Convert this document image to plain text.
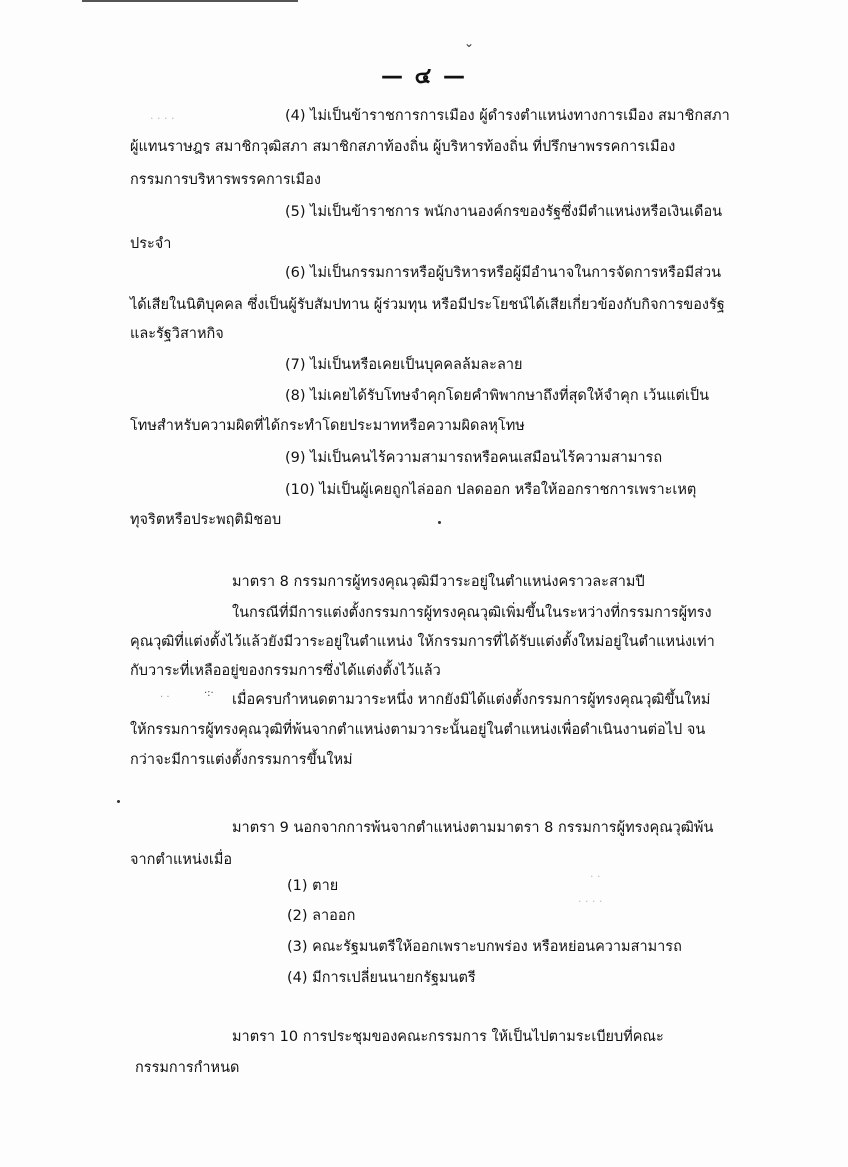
⌄
— ๔ —
· · · ·	(4) ไม่เป็นข้าราชการการเมือง ผู้ดำรงตำแหน่งทางการเมือง สมาชิกสภา
ผู้แทนราษฎร สมาชิกวุฒิสภา สมาชิกสภาท้องถิ่น ผู้บริหารท้องถิ่น ที่ปรึกษาพรรคการเมือง
กรรมการบริหารพรรคการเมือง
(5) ไม่เป็นข้าราชการ พนักงานองค์กรของรัฐซึ่งมีตำแหน่งหรือเงินเดือน
ประจำ
(6) ไม่เป็นกรรมการหรือผู้บริหารหรือผู้มีอำนาจในการจัดการหรือมีส่วน
ได้เสียในนิติบุคคล ซึ่งเป็นผู้รับสัมปทาน ผู้ร่วมทุน หรือมีประโยชน์ได้เสียเกี่ยวข้องกับกิจการของรัฐ
และรัฐวิสาหกิจ
(7) ไม่เป็นหรือเคยเป็นบุคคลล้มละลาย
(8) ไม่เคยได้รับโทษจำคุกโดยคำพิพากษาถึงที่สุดให้จำคุก เว้นแต่เป็น
โทษสำหรับความผิดที่ได้กระทำโดยประมาทหรือความผิดลหุโทษ
(9) ไม่เป็นคนไร้ความสามารถหรือคนเสมือนไร้ความสามารถ
(10) ไม่เป็นผู้เคยถูกไล่ออก ปลดออก หรือให้ออกราชการเพราะเหตุ
ทุจริตหรือประพฤติมิชอบ
มาตรา 8 กรรมการผู้ทรงคุณวุฒิมีวาระอยู่ในตำแหน่งคราวละสามปี
ในกรณีที่มีการแต่งตั้งกรรมการผู้ทรงคุณวุฒิเพิ่มขึ้นในระหว่างที่กรรมการผู้ทรง
คุณวุฒิที่แต่งตั้งไว้แล้วยังมีวาระอยู่ในตำแหน่ง ให้กรรมการที่ได้รับแต่งตั้งใหม่อยู่ในตำแหน่งเท่า
กับวาระที่เหลืออยู่ของกรรมการซึ่งได้แต่งตั้งไว้แล้ว
· ·	·:· เมื่อครบกำหนดตามวาระหนึ่ง หากยังมิได้แต่งตั้งกรรมการผู้ทรงคุณวุฒิขึ้นใหม่
ให้กรรมการผู้ทรงคุณวุฒิที่พ้นจากตำแหน่งตามวาระนั้นอยู่ในตำแหน่งเพื่อดำเนินงานต่อไป จน
กว่าจะมีการแต่งตั้งกรรมการขึ้นใหม่
มาตรา 9 นอกจากการพ้นจากตำแหน่งตามมาตรา 8 กรรมการผู้ทรงคุณวุฒิพ้น
จากตำแหน่งเมื่อ
(1) ตาย
(2) ลาออก
(3) คณะรัฐมนตรีให้ออกเพราะบกพร่อง หรือหย่อนความสามารถ
(4) มีการเปลี่ยนนายกรัฐมนตรี
· ·
· · · ·
มาตรา 10 การประชุมของคณะกรรมการ ให้เป็นไปตามระเบียบที่คณะ
กรรมการกำหนด
